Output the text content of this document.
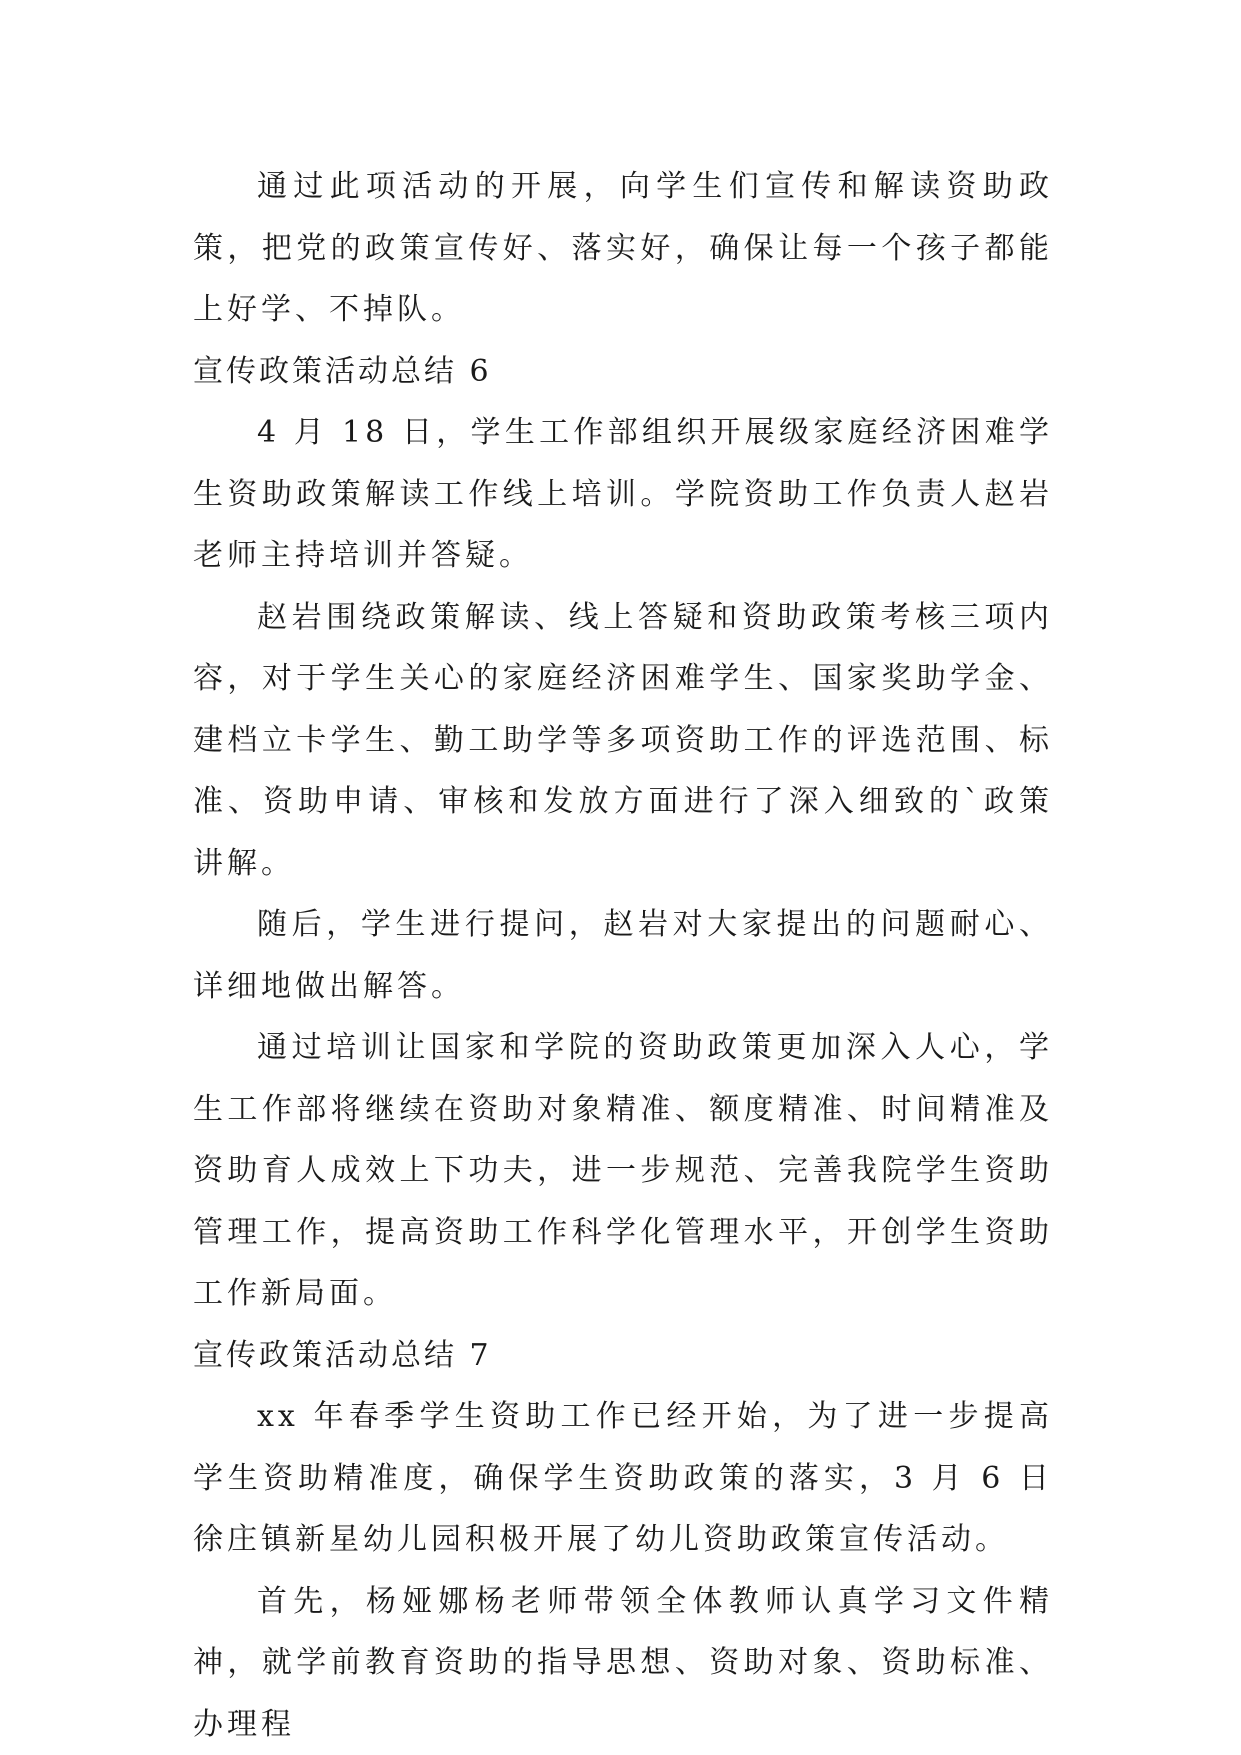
通过此项活动的开展，向学生们宣传和解读资助政策，把党的政策宣传好、落实好，确保让每一个孩子都能上好学、不掉队。

宣传政策活动总结 6

4 月 18 日，学生工作部组织开展级家庭经济困难学生资助政策解读工作线上培训。学院资助工作负责人赵岩老师主持培训并答疑。

赵岩围绕政策解读、线上答疑和资助政策考核三项内容，对于学生关心的家庭经济困难学生、国家奖助学金、建档立卡学生、勤工助学等多项资助工作的评选范围、标准、资助申请、审核和发放方面进行了深入细致的`政策讲解。

随后，学生进行提问，赵岩对大家提出的问题耐心、详细地做出解答。

通过培训让国家和学院的资助政策更加深入人心，学生工作部将继续在资助对象精准、额度精准、时间精准及资助育人成效上下功夫，进一步规范、完善我院学生资助管理工作，提高资助工作科学化管理水平，开创学生资助工作新局面。

宣传政策活动总结 7

xx 年春季学生资助工作已经开始，为了进一步提高学生资助精准度，确保学生资助政策的落实，3 月 6 日徐庄镇新星幼儿园积极开展了幼儿资助政策宣传活动。

首先，杨娅娜杨老师带领全体教师认真学习文件精神，就学前教育资助的指导思想、资助对象、资助标准、办理程
